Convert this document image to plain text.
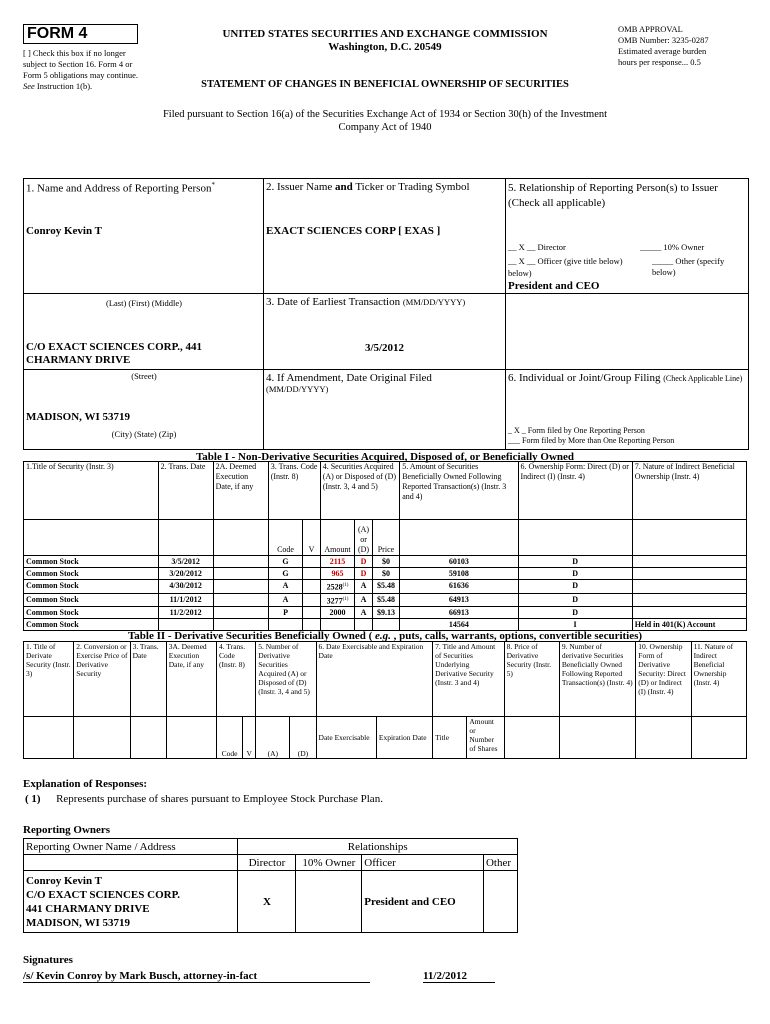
FORM 4
[ ] Check this box if no longer subject to Section 16. Form 4 or Form 5 obligations may continue. See Instruction 1(b).
UNITED STATES SECURITIES AND EXCHANGE COMMISSION
Washington, D.C. 20549
STATEMENT OF CHANGES IN BENEFICIAL OWNERSHIP OF SECURITIES
OMB APPROVAL
OMB Number: 3235-0287
Estimated average burden
hours per response... 0.5
Filed pursuant to Section 16(a) of the Securities Exchange Act of 1934 or Section 30(h) of the Investment Company Act of 1940
1. Name and Address of Reporting Person*
Conroy Kevin T
(Last) (First) (Middle)
C/O EXACT SCIENCES CORP., 441 CHARMANY DRIVE
(Street)
MADISON, WI 53719
(City) (State) (Zip)
2. Issuer Name and Ticker or Trading Symbol
EXACT SCIENCES CORP [ EXAS ]
3. Date of Earliest Transaction (MM/DD/YYYY)
3/5/2012
4. If Amendment, Date Original Filed
(MM/DD/YYYY)
5. Relationship of Reporting Person(s) to Issuer
(Check all applicable)
__ X __ Director	_____ 10% Owner
__ X __ Officer (give title below)	_____ Other (specify below)
below)
President and CEO
6. Individual or Joint/Group Filing (Check Applicable Line)
_ X _ Form filed by One Reporting Person
___ Form filed by More than One Reporting Person
Table I - Non-Derivative Securities Acquired, Disposed of, or Beneficially Owned
1.Title of Security (Instr. 3)	2. Trans. Date	2A. Deemed Execution Date, if any	3. Trans. Code (Instr. 8)		4. Securities Acquired (A) or Disposed of (D) (Instr. 3, 4 and 5)			5. Amount of Securities Beneficially Owned Following Reported Transaction(s) (Instr. 3 and 4)	6. Ownership Form: Direct (D) or Indirect (I) (Instr. 4)	7. Nature of Indirect Beneficial Ownership (Instr. 4)
			Code	V	Amount	(A) or (D)	Price			
Common Stock	3/5/2012		G		2115	D	$0	60103	D	
Common Stock	3/20/2012		G		965	D	$0	59108	D	
Common Stock	4/30/2012		A		2528$^{(1)}$	A	$5.48	61636	D	
Common Stock	11/1/2012		A		3277$^{(1)}$	A	$5.48	64913	D	
Common Stock	11/2/2012		P		2000	A	$9.13	66913	D	
Common Stock								14564	I	Held in 401(K) Account
Table II - Derivative Securities Beneficially Owned ( e.g. , puts, calls, warrants, options, convertible securities)
1. Title of Derivate Security (Instr. 3)	2. Conversion or Exercise Price of Derivative Security	3. Trans. Date	3A. Deemed Execution Date, if any	4. Trans. Code (Instr. 8)		5. Number of Derivative Securities Acquired (A) or Disposed of (D) (Instr. 3, 4 and 5)		6. Date Exercisable and Expiration Date		7. Title and Amount of Securities Underlying Derivative Security (Instr. 3 and 4)		8. Price of Derivative Security (Instr. 5)	9. Number of derivative Securities Beneficially Owned Following Reported Transaction(s) (Instr. 4)	10. Ownership Form of Derivative Security: Direct (D) or Indirect (I) (Instr. 4)	11. Nature of Indirect Beneficial Ownership (Instr. 4)
				Code	V	(A)	(D)	Date Exercisable	Expiration Date	Title	Amount or Number of Shares				
Explanation of Responses:
( 1) Represents purchase of shares pursuant to Employee Stock Purchase Plan.
Reporting Owners
Reporting Owner Name / Address	Relationships			
	Director	10% Owner	Officer	Other

Conroy Kevin T
C/O EXACT SCIENCES CORP.
441 CHARMANY DRIVE
MADISON, WI 53719	X		President and CEO	
Signatures
/s/ Kevin Conroy by Mark Busch, attorney-in-fact	11/2/2012
